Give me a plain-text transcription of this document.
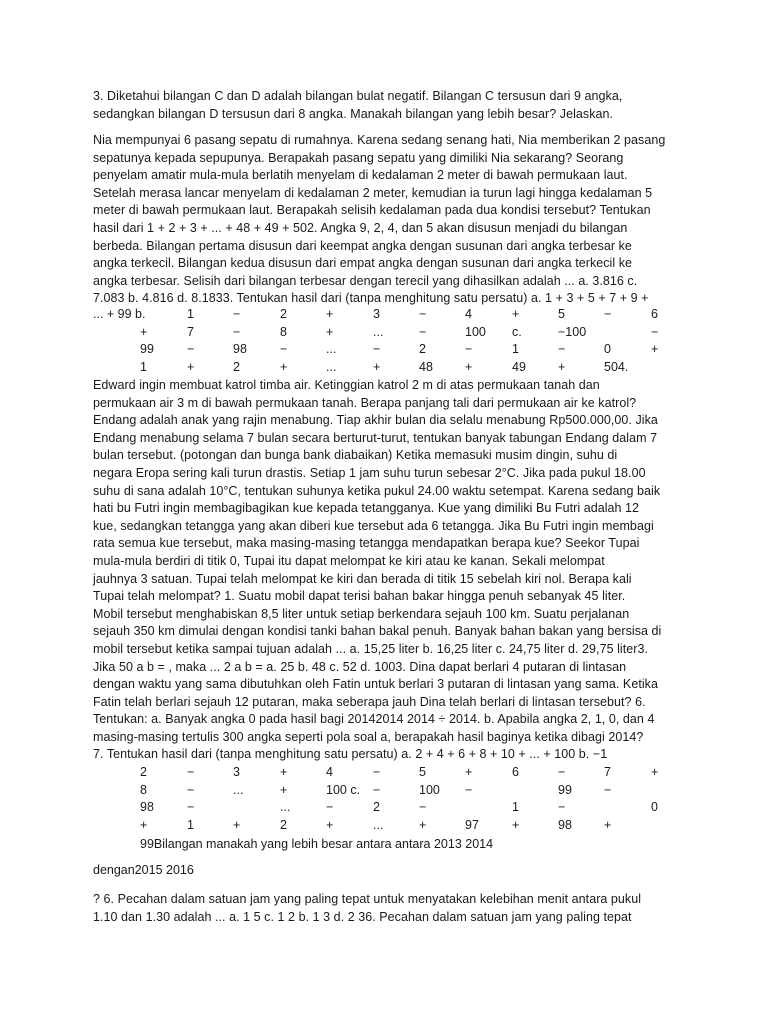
3. Diketahui bilangan C dan D adalah bilangan bulat negatif. Bilangan C tersusun dari 9 angka,
sedangkan bilangan D tersusun dari 8 angka. Manakah bilangan yang lebih besar? Jelaskan.
Nia mempunyai 6 pasang sepatu di rumahnya. Karena sedang senang hati, Nia memberikan 2 pasang
sepatunya kepada sepupunya. Berapakah pasang sepatu yang dimiliki Nia sekarang? Seorang
penyelam amatir mula-mula berlatih menyelam di kedalaman 2 meter di bawah permukaan laut.
Setelah merasa lancar menyelam di kedalaman 2 meter, kemudian ia turun lagi hingga kedalaman 5
meter di bawah permukaan laut. Berapakah selisih kedalaman pada dua kondisi tersebut? Tentukan
hasil dari 1 + 2 + 3 + ... + 48 + 49 + 502. Angka 9, 2, 4, dan 5 akan disusun menjadi du bilangan
berbeda. Bilangan pertama disusun dari keempat angka dengan susunan dari angka terbesar ke
angka terkecil. Bilangan kedua disusun dari empat angka dengan susunan dari angka terkecil ke
angka terbesar. Selisih dari bilangan terbesar dengan terecil yang dihasilkan adalah ... a. 3.816 c.
7.083 b. 4.816 d. 8.1833. Tentukan hasil dari (tanpa menghitung satu persatu) a. 1 + 3 + 5 + 7 + 9 +
... + 99 b.	1	−	2	+	3	−	4	+	5	−	6
+	7	−	8	+	...	−	100 c.	−100	−
99	−	98	−	...	−	2	−	1	−	0	+
1	+	2	+	...	+	48	+	49	+	504.
Edward ingin membuat katrol timba air. Ketinggian katrol 2 m di atas permukaan tanah dan
permukaan air 3 m di bawah permukaan tanah. Berapa panjang tali dari permukaan air ke katrol?
Endang adalah anak yang rajin menabung. Tiap akhir bulan dia selalu menabung Rp500.000,00. Jika
Endang menabung selama 7 bulan secara berturut-turut, tentukan banyak tabungan Endang dalam 7
bulan tersebut. (potongan dan bunga bank diabaikan) Ketika memasuki musim dingin, suhu di
negara Eropa sering kali turun drastis. Setiap 1 jam suhu turun sebesar 2°C. Jika pada pukul 18.00
suhu di sana adalah 10°C, tentukan suhunya ketika pukul 24.00 waktu setempat. Karena sedang baik
hati bu Futri ingin membagibagikan kue kepada tetangganya. Kue yang dimiliki Bu Futri adalah 12
kue, sedangkan tetangga yang akan diberi kue tersebut ada 6 tetangga. Jika Bu Futri ingin membagi
rata semua kue tersebut, maka masing-masing tetangga mendapatkan berapa kue? Seekor Tupai
mula-mula berdiri di titik 0, Tupai itu dapat melompat ke kiri atau ke kanan. Sekali melompat
jauhnya 3 satuan. Tupai telah melompat ke kiri dan berada di titik 15 sebelah kiri nol. Berapa kali
Tupai telah melompat? 1. Suatu mobil dapat terisi bahan bakar hingga penuh sebanyak 45 liter.
Mobil tersebut menghabiskan 8,5 liter untuk setiap berkendara sejauh 100 km. Suatu perjalanan
sejauh 350 km dimulai dengan kondisi tanki bahan bakal penuh. Banyak bahan bakan yang bersisa di
mobil tersebut ketika sampai tujuan adalah ... a. 15,25 liter b. 16,25 liter c. 24,75 liter d. 29,75 liter3.
Jika 50 a b = , maka ... 2 a b = a. 25 b. 48 c. 52 d. 1003. Dina dapat berlari 4 putaran di lintasan
dengan waktu yang sama dibutuhkan oleh Fatin untuk berlari 3 putaran di lintasan yang sama. Ketika
Fatin telah berlari sejauh 12 putaran, maka seberapa jauh Dina telah berlari di lintasan tersebut? 6.
Tentukan: a. Banyak angka 0 pada hasil bagi 20142014 2014 ÷ 2014. b. Apabila angka 2, 1, 0, dan 4
masing-masing tertulis 300 angka seperti pola soal a, berapakah hasil baginya ketika dibagi 2014?
7. Tentukan hasil dari (tanpa menghitung satu persatu) a. 2 + 4 + 6 + 8 + 10 + ... + 100 b. −1
2	−	3	+	4	−	5	+	6	−	7	+
8	−	...	+	100 c. −	100 −	99	−
98	−	...	−	2	−	1	−	0
+	1	+	2	+	...	+	97	+	98	+
99Bilangan manakah yang lebih besar antara antara 2013 2014
dengan2015 2016
? 6. Pecahan dalam satuan jam yang paling tepat untuk menyatakan kelebihan menit antara pukul
1.10 dan 1.30 adalah ... a. 1 5 c. 1 2 b. 1 3 d. 2 36. Pecahan dalam satuan jam yang paling tepat
